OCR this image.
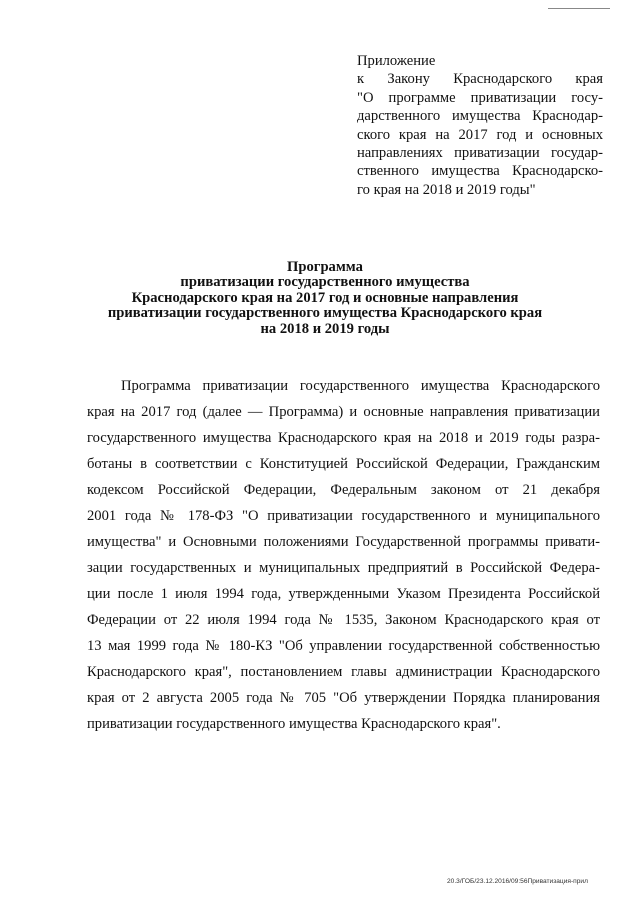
Приложение
к Закону Краснодарского края
"О программе приватизации госу-
дарственного имущества Краснодар-
ского края на 2017 год и основных
направлениях приватизации государ-
ственного имущества Краснодарско-
го края на 2018 и 2019 годы"
Программа
приватизации государственного имущества
Краснодарского края на 2017 год и основные направления
приватизации государственного имущества Краснодарского края
на 2018 и 2019 годы
Программа приватизации государственного имущества Краснодарского
края на 2017 год (далее — Программа) и основные направления приватизации
государственного имущества Краснодарского края на 2018 и 2019 годы разра-
ботаны в соответствии с Конституцией Российской Федерации, Гражданским
кодексом Российской Федерации, Федеральным законом от 21 декабря
2001 года № 178-ФЗ "О приватизации государственного и муниципального
имущества" и Основными положениями Государственной программы привати-
зации государственных и муниципальных предприятий в Российской Федера-
ции после 1 июля 1994 года, утвержденными Указом Президента Российской
Федерации от 22 июля 1994 года № 1535, Законом Краснодарского края от
13 мая 1999 года № 180-КЗ "Об управлении государственной собственностью
Краснодарского края", постановлением главы администрации Краснодарского
края от 2 августа 2005 года № 705 "Об утверждении Порядка планирования
приватизации государственного имущества Краснодарского края".
20.3/ГОБ/23.12.2016/09:56Приватизация-прил
